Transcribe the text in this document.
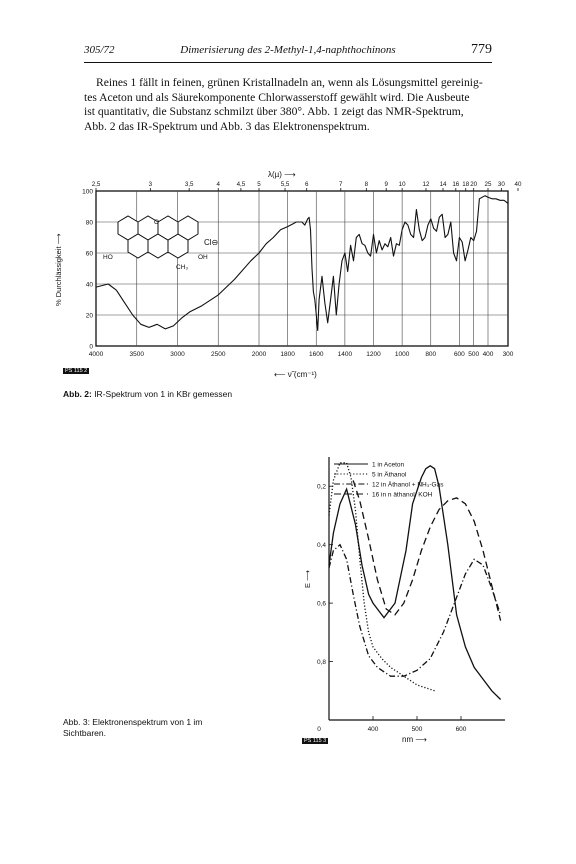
305/72	Dimerisierung des 2-Methyl-1,4-naphthochinons	779

Reines 1 fällt in feinen, grünen Kristallnadeln an, wenn als Lösungsmittel gereinig-
tes Aceton und als Säurekomponente Chlorwasserstoff gewählt wird. Die Ausbeute
ist quantitativ, die Substanz schmilzt über 380°. Abb. 1 zeigt das NMR-Spektrum,
Abb. 2 das IR-Spektrum und Abb. 3 das Elektronenspektrum.

4000	3500	3000	2500	2000 1800 1600 1400 1200 1000 800	600 500 400 300
100
80
60
40
20
0
2,5	3	3,5	4	4,5 5	5,5	6	7	8	9 10	12 14 16 18 20 25 30 40
0,8
0,6
0,4
0,2
0	400	500	600
1 in Aceton
5 in Äthanol
12 in Äthanol + NH₃-Gas
16 in n äthanol. KOH
λ(µ) ⟶
⟵ ν̃ (cm⁻¹)
% Durchlässigkeit ⟶	Cl⊖
HO	OH
CH₃
O
PS 115 2
Abb. 2: IR-Spektrum von 1 in KBr gemessen
E ⟶
nm ⟶
PS 115 3
Abb. 3: Elektronenspektrum von 1 im
Sichtbaren.
